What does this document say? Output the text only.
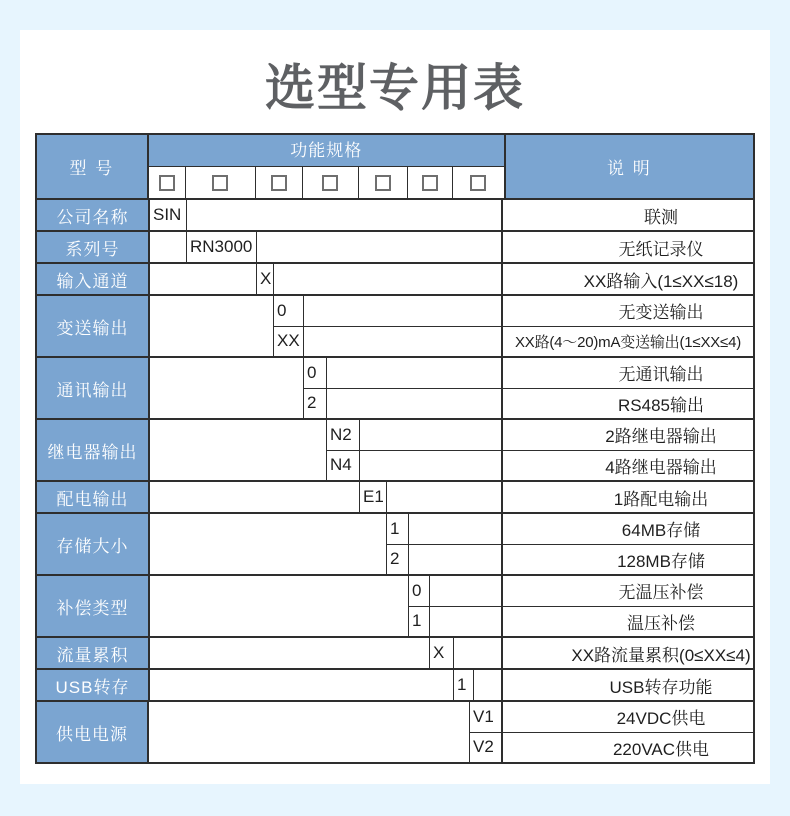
选型专用表
型 号
功能规格
说 明
公司名称	SIN	联测
系列号	RN3000	无纸记录仪
输入通道	X	XX路输入(1≤XX≤18)
变送输出
0	无变送输出
XX	XX路(4～20)mA变送输出(1≤XX≤4)
通讯输出
0	无通讯输出
2	RS485输出
继电器输出
N2	2路继电器输出
N4	4路继电器输出
配电输出	E1	1路配电输出
存储大小
1	64MB存储
2	128MB存储
补偿类型
0	无温压补偿
1	温压补偿
流量累积	X	XX路流量累积(0≤XX≤4)
USB转存	1	USB转存功能
供电电源
V1	24VDC供电
V2	220VAC供电
